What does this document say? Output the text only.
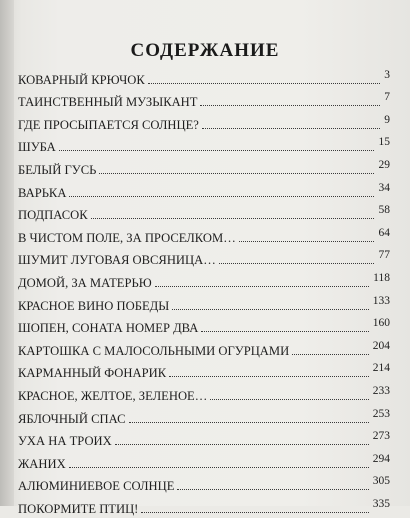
СОДЕРЖАНИЕ
КОВАРНЫЙ КРЮЧОК	3
ТАИНСТВЕННЫЙ МУЗЫКАНТ	7
ГДЕ ПРОСЫПАЕТСЯ СОЛНЦЕ?	9
ШУБА	15
БЕЛЫЙ ГУСЬ	29
ВАРЬКА	34
ПОДПАСОК	58
В ЧИСТОМ ПОЛЕ, ЗА ПРОСЕЛКОМ…	64
ШУМИТ ЛУГОВАЯ ОВСЯНИЦА…	77
ДОМОЙ, ЗА МАТЕРЬЮ	118
КРАСНОЕ ВИНО ПОБЕДЫ	133
ШОПЕН, СОНАТА НОМЕР ДВА	160
КАРТОШКА С МАЛОСОЛЬНЫМИ ОГУРЦАМИ	204
КАРМАННЫЙ ФОНАРИК	214
КРАСНОЕ, ЖЕЛТОЕ, ЗЕЛЕНОЕ…	233
ЯБЛОЧНЫЙ СПАС	253
УХА НА ТРОИХ	273
ЖАНИХ	294
АЛЮМИНИЕВОЕ СОЛНЦЕ	305
ПОКОРМИТЕ ПТИЦ!	335
